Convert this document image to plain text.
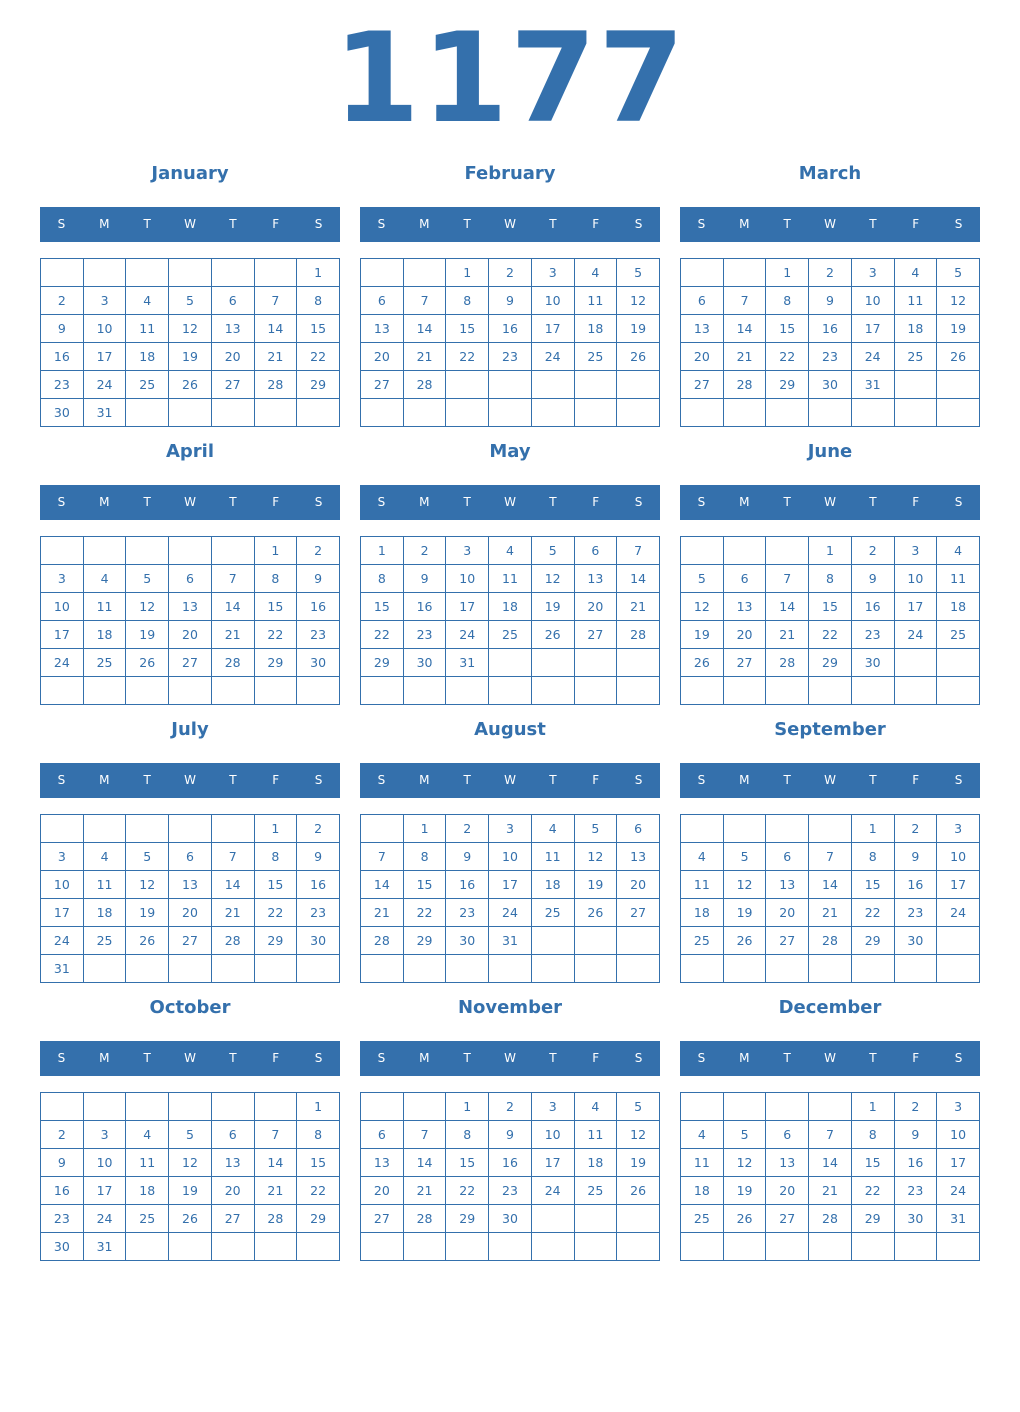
1177
January
S	M	T	W	T	F	S
						1
2	3	4	5	6	7	8
9	10	11	12	13	14	15
16	17	18	19	20	21	22
23	24	25	26	27	28	29
30	31					
February
S	M	T	W	T	F	S
		1	2	3	4	5
6	7	8	9	10	11	12
13	14	15	16	17	18	19
20	21	22	23	24	25	26
27	28					

March
S	M	T	W	T	F	S
		1	2	3	4	5
6	7	8	9	10	11	12
13	14	15	16	17	18	19
20	21	22	23	24	25	26
27	28	29	30	31		

April
S	M	T	W	T	F	S
					1	2
3	4	5	6	7	8	9
10	11	12	13	14	15	16
17	18	19	20	21	22	23
24	25	26	27	28	29	30

May
S	M	T	W	T	F	S
1	2	3	4	5	6	7
8	9	10	11	12	13	14
15	16	17	18	19	20	21
22	23	24	25	26	27	28
29	30	31				

June
S	M	T	W	T	F	S
			1	2	3	4
5	6	7	8	9	10	11
12	13	14	15	16	17	18
19	20	21	22	23	24	25
26	27	28	29	30		

July
S	M	T	W	T	F	S
					1	2
3	4	5	6	7	8	9
10	11	12	13	14	15	16
17	18	19	20	21	22	23
24	25	26	27	28	29	30
31						
August
S	M	T	W	T	F	S
	1	2	3	4	5	6
7	8	9	10	11	12	13
14	15	16	17	18	19	20
21	22	23	24	25	26	27
28	29	30	31			

September
S	M	T	W	T	F	S
				1	2	3
4	5	6	7	8	9	10
11	12	13	14	15	16	17
18	19	20	21	22	23	24
25	26	27	28	29	30	

October
S	M	T	W	T	F	S
						1
2	3	4	5	6	7	8
9	10	11	12	13	14	15
16	17	18	19	20	21	22
23	24	25	26	27	28	29
30	31					
November
S	M	T	W	T	F	S
		1	2	3	4	5
6	7	8	9	10	11	12
13	14	15	16	17	18	19
20	21	22	23	24	25	26
27	28	29	30			

December
S	M	T	W	T	F	S
				1	2	3
4	5	6	7	8	9	10
11	12	13	14	15	16	17
18	19	20	21	22	23	24
25	26	27	28	29	30	31
